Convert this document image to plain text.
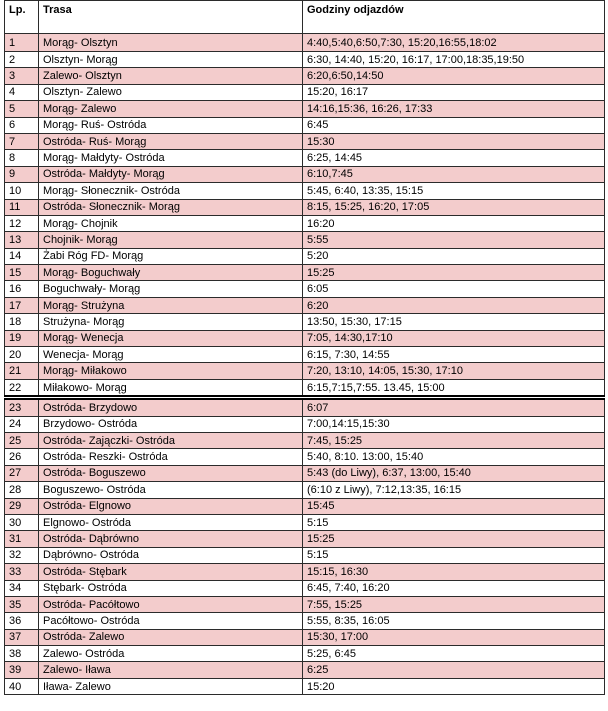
Lp.	Trasa	Godziny odjazdów
1	Morąg- Olsztyn	4:40,5:40,6:50,7:30, 15:20,16:55,18:02
2	Olsztyn- Morąg	6:30, 14:40, 15:20, 16:17, 17:00,18:35,19:50
3	Zalewo- Olsztyn	6:20,6:50,14:50
4	Olsztyn- Zalewo	15:20, 16:17
5	Morąg- Zalewo	14:16,15:36, 16:26, 17:33
6	Morąg- Ruś- Ostróda	6:45
7	Ostróda- Ruś- Morąg	15:30
8	Morąg- Małdyty- Ostróda	6:25, 14:45
9	Ostróda- Małdyty- Morąg	6:10,7:45
10	Morąg- Słonecznik- Ostróda	5:45, 6:40, 13:35, 15:15
11	Ostróda- Słonecznik- Morąg	8:15, 15:25, 16:20, 17:05
12	Morąg- Chojnik	16:20
13	Chojnik- Morąg	5:55
14	Żabi Róg FD- Morąg	5:20
15	Morąg- Boguchwały	15:25
16	Boguchwały- Morąg	6:05
17	Morąg- Strużyna	6:20
18	Strużyna- Morąg	13:50, 15:30, 17:15
19	Morąg- Wenecja	7:05, 14:30,17:10
20	Wenecja- Morąg	6:15, 7:30, 14:55
21	Morąg- Miłakowo	7:20, 13:10, 14:05, 15:30, 17:10
22	Miłakowo- Morąg	6:15,7:15,7:55. 13.45, 15:00
23	Ostróda- Brzydowo	6:07
24	Brzydowo- Ostróda	7:00,14:15,15:30
25	Ostróda- Zajączki- Ostróda	7:45, 15:25
26	Ostróda- Reszki- Ostróda	5:40, 8:10. 13:00, 15:40
27	Ostróda- Boguszewo	5:43 (do Liwy), 6:37, 13:00, 15:40
28	Boguszewo- Ostróda	(6:10 z Liwy), 7:12,13:35, 16:15
29	Ostróda- Elgnowo	15:45
30	Elgnowo- Ostróda	5:15
31	Ostróda- Dąbrówno	15:25
32	Dąbrówno- Ostróda	5:15
33	Ostróda- Stębark	15:15, 16:30
34	Stębark- Ostróda	6:45, 7:40, 16:20
35	Ostróda- Pacółtowo	7:55, 15:25
36	Pacółtowo- Ostróda	5:55, 8:35, 16:05
37	Ostróda- Zalewo	15:30, 17:00
38	Zalewo- Ostróda	5:25, 6:45
39	Zalewo- Iława	6:25
40	Iława- Zalewo	15:20
